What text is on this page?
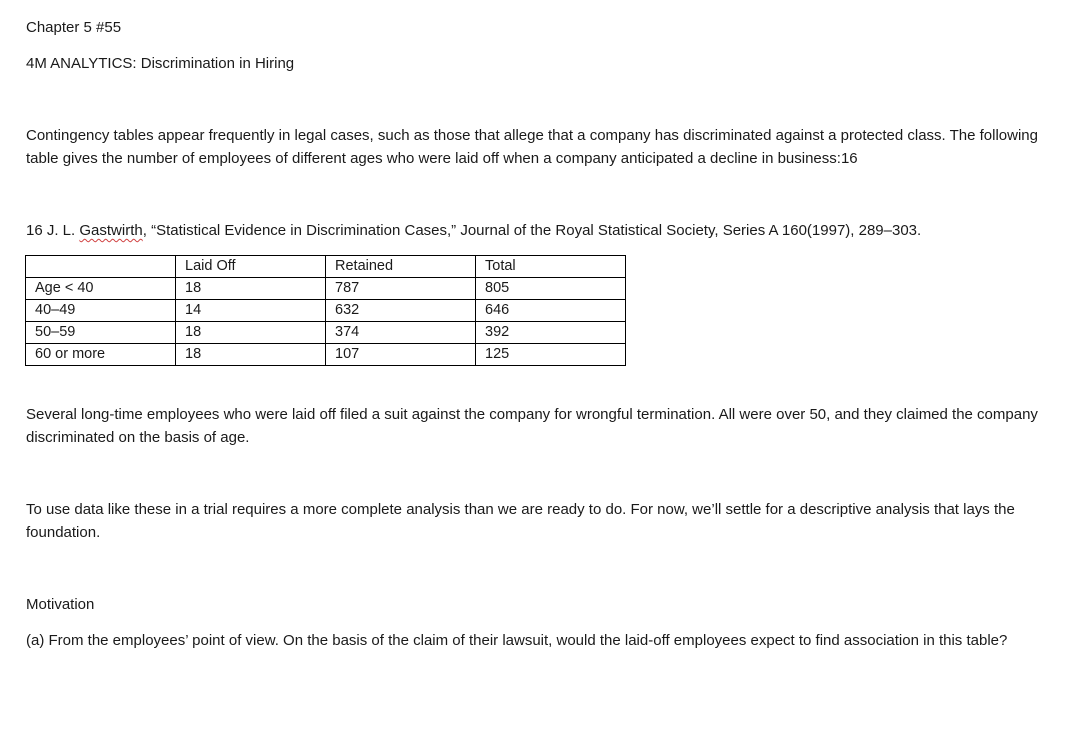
Chapter 5 #55
4M ANALYTICS: Discrimination in Hiring
Contingency tables appear frequently in legal cases, such as those that allege that a company has discriminated against a protected class. The following table gives the number of employees of different ages who were laid off when a company anticipated a decline in business:16
16 J. L. Gastwirth, “Statistical Evidence in Discrimination Cases,” Journal of the Royal Statistical Society, Series A 160(1997), 289–303.
	Laid Off	Retained	Total
Age < 40	18	787	805
40–49	14	632	646
50–59	18	374	392
60 or more	18	107	125
Several long-time employees who were laid off filed a suit against the company for wrongful termination. All were over 50, and they claimed the company discriminated on the basis of age.
To use data like these in a trial requires a more complete analysis than we are ready to do. For now, we’ll settle for a descriptive analysis that lays the foundation.
Motivation
(a) From the employees’ point of view. On the basis of the claim of their lawsuit, would the laid-off employees expect to find association in this table?
